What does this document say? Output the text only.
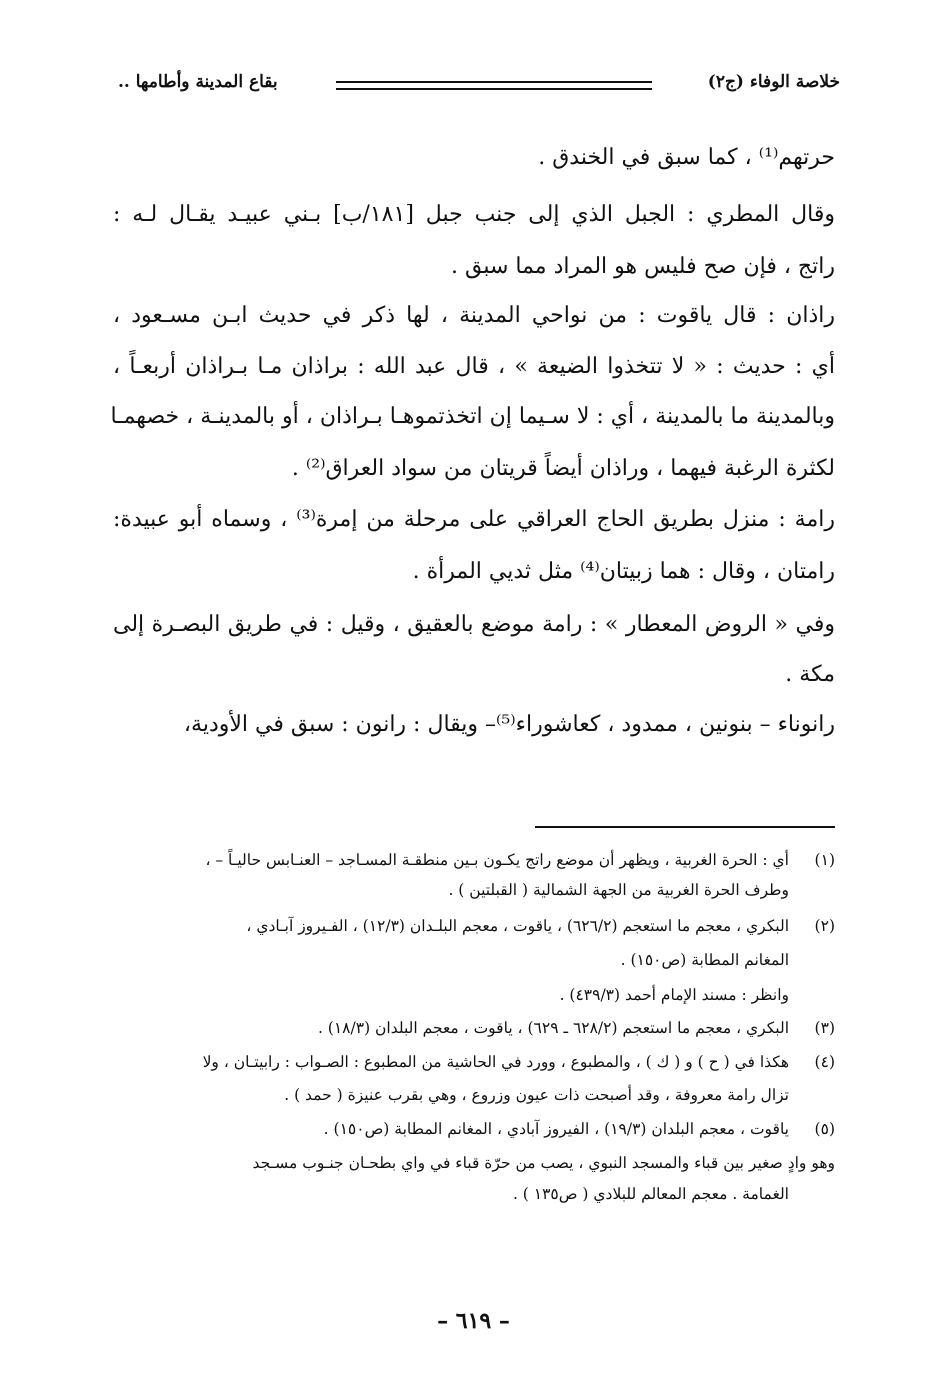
خلاصة الوفاء (ج٢)
بقاع المدينة وأطامها ..
حرتهم⁽¹⁾ ، كما سبق في الخندق .
وقال المطري : الجبل الذي إلى جنب جبل [١٨١/ب] بـني عبيـد يقـال لـه :
راتج ، فإن صح فليس هو المراد مما سبق .
راذان : قال ياقوت : من نواحي المدينة ، لها ذكر في حديث ابـن مسـعود ،
أي : حديث : « لا تتخذوا الضيعة » ، قال عبد الله : براذان مـا بـراذان أربعـاً ،
وبالمدينة ما بالمدينة ، أي : لا سـيما إن اتخذتموهـا بـراذان ، أو بالمدينـة ، خصهمـا
لكثرة الرغبة فيهما ، وراذان أيضاً قريتان من سواد العراق⁽²⁾ .
رامة : منزل بطريق الحاج العراقي على مرحلة من إمرة⁽³⁾ ، وسماه أبو عبيدة:
رامتان ، وقال : هما زبيتان⁽⁴⁾ مثل ثديي المرأة .
وفي « الروض المعطار » : رامة موضع بالعقيق ، وقيل : في طريق البصـرة إلى
مكة .
رانوناء – بنونين ، ممدود ، كعاشوراء⁽⁵⁾– ويقال : رانون : سبق في الأودية،
(١)أي : الحرة الغربية ، ويظهر أن موضع راتج يكـون بـين منطقـة المسـاجد – العنـابس حاليـاً – ،
وطرف الحرة الغربية من الجهة الشمالية ( القبلتين ) .
(٢)البكري ، معجم ما استعجم (٦٢٦/٢) ، ياقوت ، معجم البلـدان (١٢/٣) ، الفـيروز آبـادي ،
المغانم المطابة (ص١٥٠) .
وانظر : مسند الإمام أحمد (٤٣٩/٣) .
(٣)البكري ، معجم ما استعجم (٦٢٨/٢ ـ ٦٢٩) ، ياقوت ، معجم البلدان (١٨/٣) .
(٤)هكذا في ( ح ) و ( ك ) ، والمطبوع ، وورد في الحاشية من المطبوع : الصـواب : رابيتـان ، ولا
تزال رامة معروفة ، وقد أصبحت ذات عيون وزروع ، وهي بقرب عنيزة ( حمد ) .
(٥)ياقوت ، معجم البلدان (١٩/٣) ، الفيروز آبادي ، المغانم المطابة (ص١٥٠) .
وهو وادٍ صغير بين قباء والمسجد النبوي ، يصب من حرّة قباء في واي بطحـان جنـوب مسـجد
الغمامة . معجم المعالم للبلادي ( ص١٣٥ ) .
– ٦١٩ –
